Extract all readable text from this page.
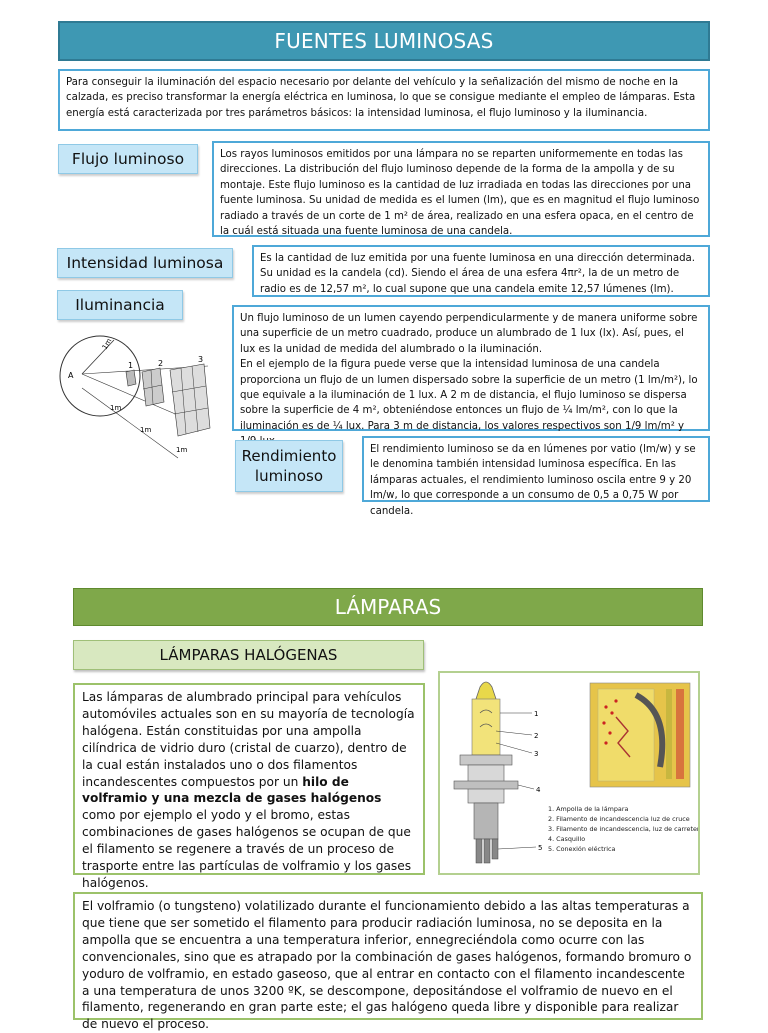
FUENTES LUMINOSAS
Para conseguir la iluminación del espacio necesario por delante del vehículo y la señalización del mismo de noche en la calzada, es preciso transformar la energía eléctrica en luminosa, lo que se consigue mediante el empleo de lámparas. Esta energía está caracterizada por tres parámetros básicos: la intensidad luminosa, el flujo luminoso y la iluminancia.
Flujo luminoso	Los rayos luminosos emitidos por una lámpara no se reparten uniformemente en todas las direcciones. La distribución del flujo luminoso depende de la forma de la ampolla y de su montaje. Este flujo luminoso es la cantidad de luz irradiada en todas las direcciones por una fuente luminosa. Su unidad de medida es el lumen (lm), que es en magnitud el flujo luminoso radiado a través de un corte de 1 m² de área, realizado en una esfera opaca, en el centro de la cuál está situada una fuente luminosa de una candela.
Intensidad luminosa	Es la cantidad de luz emitida por una fuente luminosa en una dirección determinada. Su unidad es la candela (cd). Siendo el área de una esfera 4πr², la de un metro de radio es de 12,57 m², lo cual supone que una candela emite 12,57 lúmenes (lm).
Iluminancia
Un flujo luminoso de un lumen cayendo perpendicularmente y de manera uniforme sobre una superficie de un metro cuadrado, produce un alumbrado de 1 lux (lx). Así, pues, el lux es la unidad de medida del alumbrado o la iluminación.
En el ejemplo de la figura puede verse que la intensidad luminosa de una candela proporciona un flujo de un lumen dispersado sobre la superficie de un metro (1 lm/m²), lo que equivale a la iluminación de 1 lux. A 2 m de distancia, el flujo luminoso se dispersa sobre la superficie de 4 m², obteniéndose entonces un flujo de ¼ lm/m², con lo que la iluminación es de ¼ lux. Para 3 m de distancia, los valores respectivos son 1/9 lm/m² y
A
1	2	3
1m
1m
1m
1m	Rendimiento luminoso
El rendimiento luminoso se da en lúmenes por vatio (lm/w) y se le denomina también intensidad luminosa específica. En las lámparas actuales, el rendimiento luminoso oscila entre 9 y 20 lm/w, lo que corresponde a un consumo de 0,5 a 0,75 W por candela.
LÁMPARAS
LÁMPARAS HALÓGENAS
Las lámparas de alumbrado principal para vehículos automóviles actuales son en su mayoría de tecnología halógena. Están constituidas por una ampolla cilíndrica de vidrio duro (cristal de cuarzo), dentro de la cual están instalados uno o dos filamentos incandescentes compuestos por un hilo de volframio y una mezcla de gases halógenos como por ejemplo el yodo y el bromo, estas combinaciones de gases halógenos se ocupan de que el filamento se regenere a través de un proceso de trasporte entre las partículas de volframio y los gases halógenos.
1
2
3
4
5
1. Ampolla de la lámpara
2. Filamento de incandescencia luz de cruce
3. Filamento de incandescencia, luz de carretera
4. Casquillo
5. Conexión eléctrica
El volframio (o tungsteno) volatilizado durante el funcionamiento debido a las altas temperaturas a que tiene que ser sometido el filamento para producir radiación luminosa, no se deposita en la ampolla que se encuentra a una temperatura inferior, ennegreciéndola como ocurre con las convencionales, sino que es atrapado por la combinación de gases halógenos, formando bromuro o yoduro de volframio, en estado gaseoso, que al entrar en contacto con el filamento incandescente a una temperatura de unos 3200 ºK, se descompone, depositándose el volframio de nuevo en el filamento, regenerando en gran parte este; el gas halógeno queda libre y disponible para realizar de nuevo el proceso.
